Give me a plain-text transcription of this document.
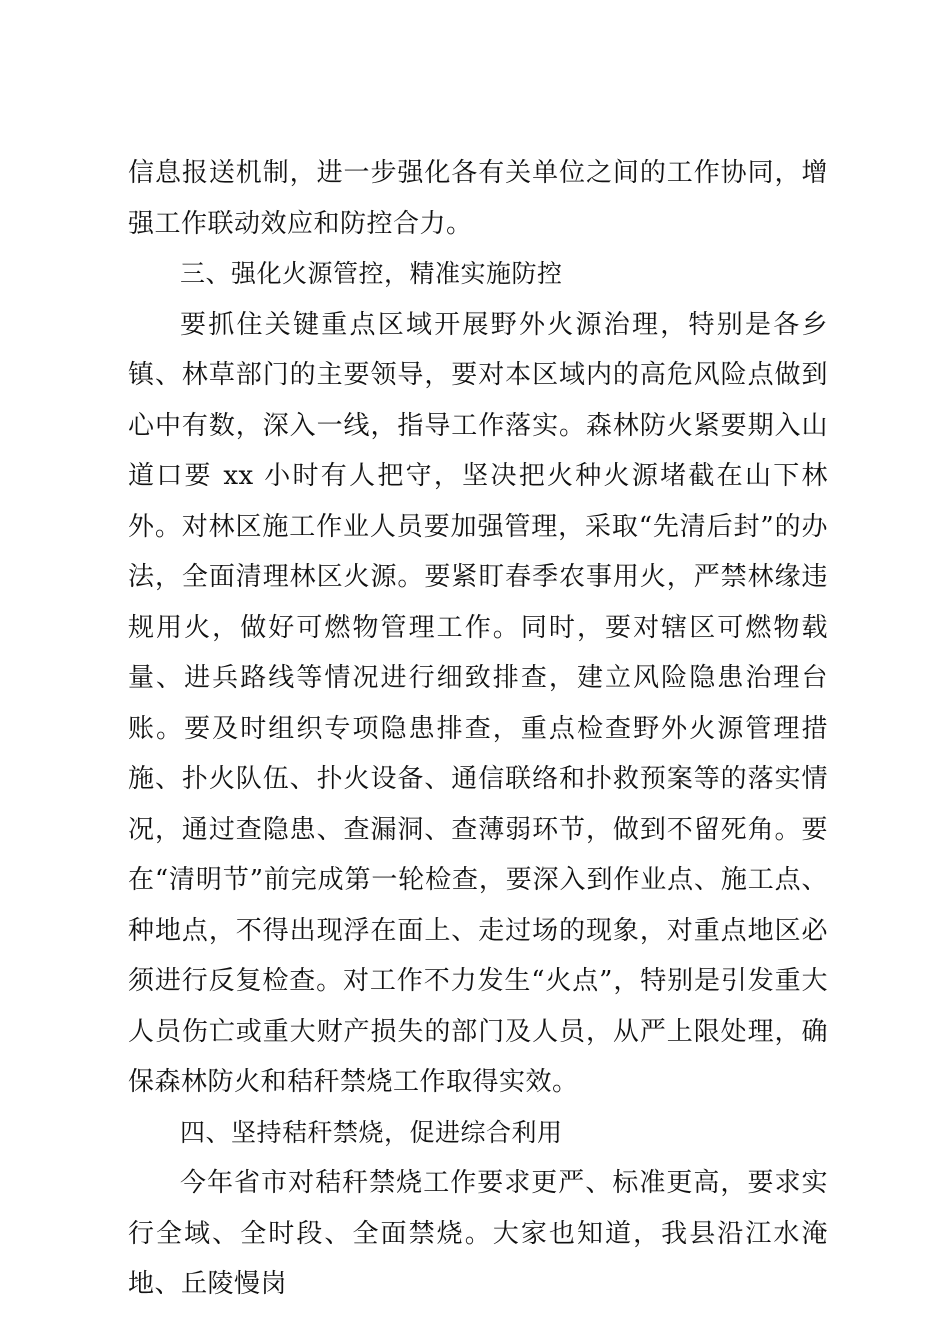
信息报送机制，进一步强化各有关单位之间的工作协同，增强工作联动效应和防控合力。

三、强化火源管控，精准实施防控

要抓住关键重点区域开展野外火源治理，特别是各乡镇、林草部门的主要领导，要对本区域内的高危风险点做到心中有数，深入一线，指导工作落实。森林防火紧要期入山道口要 xx 小时有人把守，坚决把火种火源堵截在山下林外。对林区施工作业人员要加强管理，采取“先清后封”的办法，全面清理林区火源。要紧盯春季农事用火，严禁林缘违规用火，做好可燃物管理工作。同时，要对辖区可燃物载量、进兵路线等情况进行细致排查，建立风险隐患治理台账。要及时组织专项隐患排查，重点检查野外火源管理措施、扑火队伍、扑火设备、通信联络和扑救预案等的落实情况，通过查隐患、查漏洞、查薄弱环节，做到不留死角。要在“清明节”前完成第一轮检查，要深入到作业点、施工点、种地点，不得出现浮在面上、走过场的现象，对重点地区必须进行反复检查。对工作不力发生“火点”，特别是引发重大人员伤亡或重大财产损失的部门及人员，从严上限处理，确保森林防火和秸秆禁烧工作取得实效。

四、坚持秸秆禁烧，促进综合利用

今年省市对秸秆禁烧工作要求更严、标准更高，要求实行全域、全时段、全面禁烧。大家也知道，我县沿江水淹地、丘陵慢岗
